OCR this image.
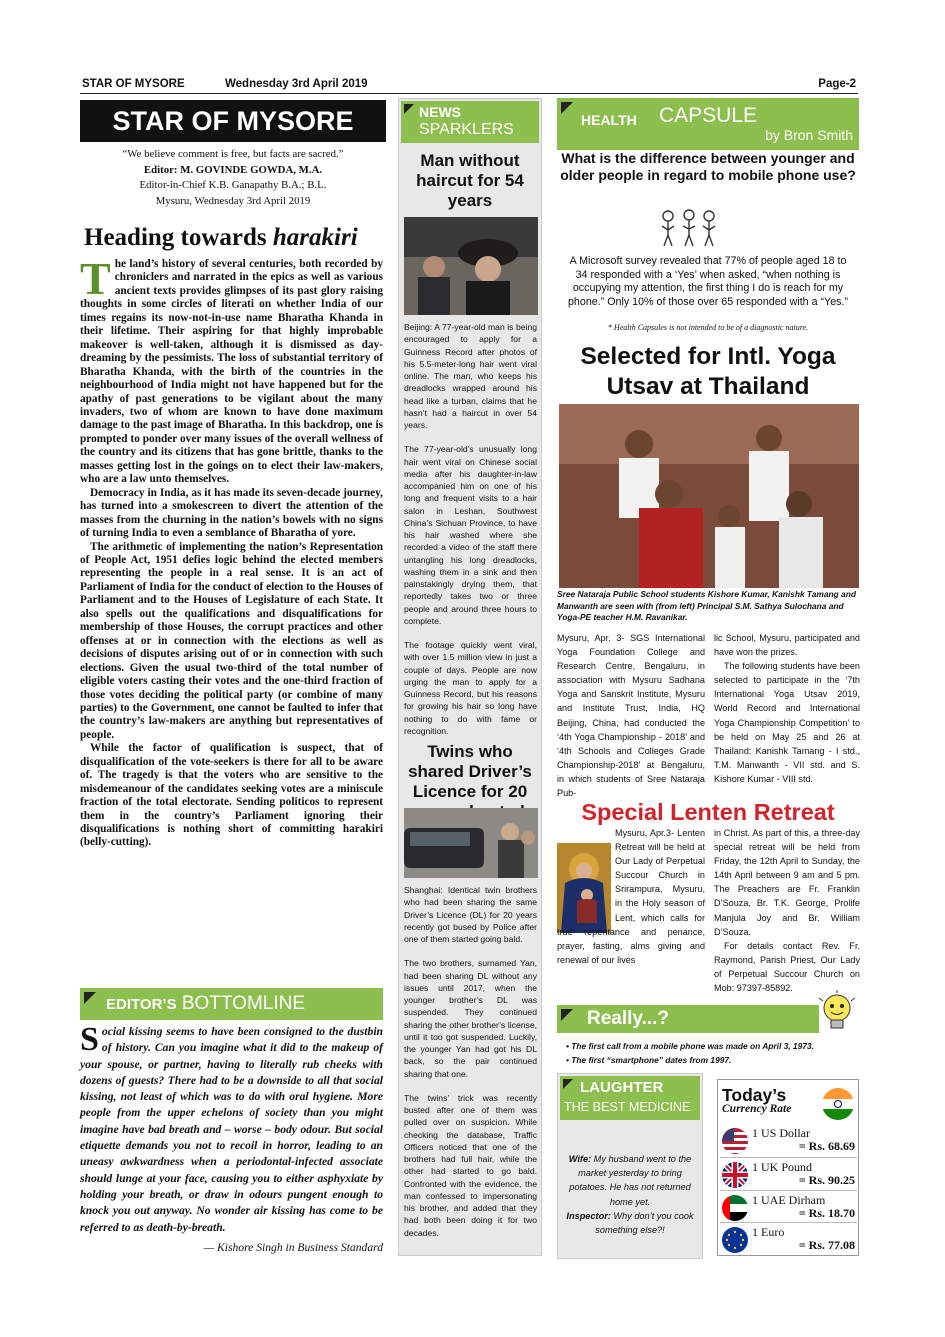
STAR OF MYSORE	Wednesday 3rd April 2019	Page-2
STAR OF MYSORE
“We believe comment is free, but facts are sacred.”
Editor: M. GOVINDE GOWDA, M.A.
Editor-in-Chief K.B. Ganapathy B.A.; B.L.
Mysuru, Wednesday 3rd April 2019
Heading towards harakiri

The land’s history of several centuries, both recorded by chroniclers and narrated in the epics as well as various ancient texts provides glimpses of its past glory raising thoughts in some circles of literati on whether India of our times regains its now-not-in-use name Bharatha Khanda in their lifetime. Their aspiring for that highly improbable makeover is well-taken, although it is dismissed as day-dreaming by the pessimists. The loss of substantial territory of Bharatha Khanda, with the birth of the countries in the neighbourhood of India might not have happened but for the apathy of past generations to be vigilant about the many invaders, two of whom are known to have done maximum damage to the past image of Bharatha. In this backdrop, one is prompted to ponder over many issues of the overall wellness of the country and its citizens that has gone brittle, thanks to the masses getting lost in the goings on to elect their law-makers, who are a law unto themselves.

Democracy in India, as it has made its seven-decade journey, has turned into a smokescreen to divert the attention of the masses from the churning in the nation’s bowels with no signs of turning India to even a semblance of Bharatha of yore.

The arithmetic of implementing the nation’s Representation of People Act, 1951 defies logic behind the elected members representing the people in a real sense. It is an act of Parliament of India for the conduct of election to the Houses of Parliament and to the Houses of Legislature of each State. It also spells out the qualifications and disqualifications for membership of those Houses, the corrupt practices and other offenses at or in connection with the elections as well as decisions of disputes arising out of or in connection with such elections. Given the usual two-third of the total number of eligible voters casting their votes and the one-third fraction of those votes deciding the political party (or combine of many parties) to the Government, one cannot be faulted to infer that the country’s law-makers are anything but representatives of people.

While the factor of qualification is suspect, that of disqualification of the vote-seekers is there for all to be aware of. The tragedy is that the voters who are sensitive to the misdemeanour of the candidates seeking votes are a miniscule fraction of the total electorate. Sending politicos to represent them in the country’s Parliament ignoring their disqualifications is nothing short of committing harakiri (belly-cutting).

EDITOR’S BOTTOMLINE
Social kissing seems to have been consigned to the dustbin of history. Can you imagine what it did to the makeup of your spouse, or partner, having to literally rub cheeks with dozens of guests? There had to be a downside to all that social kissing, not least of which was to do with oral hygiene. More people from the upper echelons of society than you might imagine have bad breath and – worse – body odour. But social etiquette demands you not to recoil in horror, leading to an uneasy awkwardness when a periodontal-infected associate should lunge at your face, causing you to either asphyxiate by holding your breath, or draw in odours pungent enough to knock you out anyway. No wonder air kissing has come to be referred to as death-by-breath.
— Kishore Singh in Business Standard
NEWS
SPARKLERS
Man without haircut for 54 years

Beijing: A 77-year-old man is being encouraged to apply for a Guinness Record after photos of his 5.5-meter-long hair went viral online. The man, who keeps his dreadlocks wrapped around his head like a turban, claims that he hasn’t had a haircut in over 54 years.

The 77-year-old’s unusually long hair went viral on Chinese social media after his daughter-in-law accompanied him on one of his long and frequent visits to a hair salon in Leshan, Southwest China’s Sichuan Province, to have his hair washed where she recorded a video of the staff there untangling his long dreadlocks, washing them in a sink and then painstakingly drying them, that reportedly takes two or three people and around three hours to complete.

The footage quickly went viral, with over 1.5 million view in just a couple of days. People are now urging the man to apply for a Guinness Record, but his reasons for growing his hair so long have nothing to do with fame or recognition.

Twins who shared Driver’s Licence for 20

Shanghai: Identical twin brothers who had been sharing the same Driver’s Licence (DL) for 20 years recently got bused by Police after one of them started going bald.

The two brothers, surnamed Yan, had been sharing DL without any issues until 2017, when the younger brother’s DL was suspended. They continued sharing the other brother’s license, until it too got suspended. Luckily, the younger Yan had got his DL back, so the pair continued sharing that one.

The twins’ trick was recently busted after one of them was pulled over on suspicion. While checking the database, Traffic Officers noticed that one of the brothers had full hair, while the other had started to go bald. Confronted with the evidence, the man confessed to impersonating his brother, and added that they had both been doing it for two decades.

HEALTH CAPSULE
by Bron Smith
What is the difference between younger and older people in regard to mobile phone use?
A Microsoft survey revealed that 77% of people aged 18 to 34 responded with a ‘Yes’ when asked, “when nothing is occupying my attention, the first thing I do is reach for my phone.” Only 10% of those over 65 responded with a “Yes.”
* Health Capsules is not intended to be of a diagnostic nature.
Selected for Intl. Yoga Utsav at Thailand
Sree Nataraja Public School students Kishore Kumar, Kanishk Tamang and Manwanth are seen with (from left) Principal S.M. Sathya Sulochana and Yoga-PE teacher H.M. Ravanikar.
Mysuru, Apr. 3- SGS International Yoga Foundation College and Research Centre, Bengaluru, in association with Mysuru Sadhana Yoga and Sanskrit Institute, Mysuru and Institute Trust, India, HQ Beijing, China, had conducted the ‘4th Yoga Championship - 2018’ and ‘4th Schools and Colleges Grade Championship-2018’ at Bengaluru, in which students of Sree Nataraja Pub-

lic School, Mysuru, participated and have won the prizes.

The following students have been selected to participate in the ‘7th International Yoga Utsav 2019, World Record and International Yoga Championship Competition’ to be held on May 25 and 26 at Thailand: Kanishk Tamang - I std., T.M. Manwanth - VII std. and S. Kishore Kumar - VIII std.

Special Lenten Retreat
Mysuru, Apr.3- Lenten Retreat will be held at Our Lady of Perpetual Succour Church in Srirampura, Mysuru, in the Holy season of Lent, which calls for true repentance and penance, prayer, fasting, alms giving and renewal of our lives

in Christ. As part of this, a three-day special retreat will be held from Friday, the 12th April to Sunday, the 14th April between 9 am and 5 pm. The Preachers are Fr. Franklin D’Souza, Br. T.K. George, Prolife Manjula Joy and Br. William D’Souza.

For details contact Rev. Fr. Raymond, Parish Priest, Our Lady of Perpetual Succour Church on Mob: 97397-85892.

Really...?
• The first call from a mobile phone was made on April 3, 1973.
• The first “smartphone” dates from 1997.
LAUGHTER
THE BEST MEDICINE
Wife: My husband went to the market yesterday to bring potatoes. He has not returned home yet.
Inspector: Why don’t you cook something else?!
Today’s
Currency Rate
1 US Dollar
= Rs. 68.69
1 UK Pound
= Rs. 90.25
1 UAE Dirham
= Rs. 18.70
1 Euro
= Rs. 77.08
